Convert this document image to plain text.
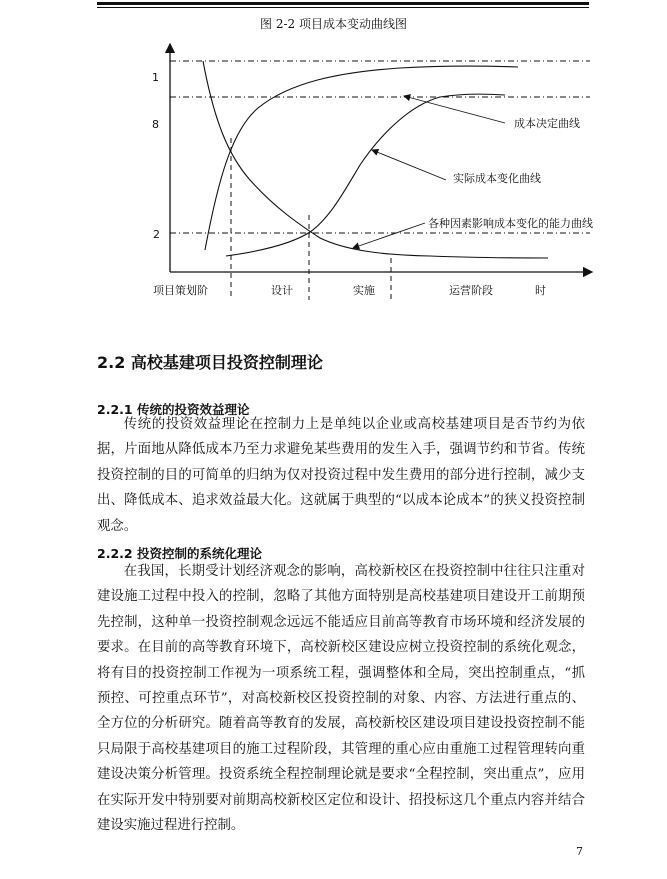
图 2-2 项目成本变动曲线图
1
8
2
项目策划阶	设计	实施	运营阶段	时
成本决定曲线
实际成本变化曲线
各种因素影响成本变化的能力曲线
2.2 高校基建项目投资控制理论
2.2.1 传统的投资效益理论

传统的投资效益理论在控制力上是单纯以企业或高校基建项目是否节约为依据，片面地从降低成本乃至力求避免某些费用的发生入手，强调节约和节省。传统投资控制的目的可简单的归纳为仅对投资过程中发生费用的部分进行控制，减少支出、降低成本、追求效益最大化。这就属于典型的“以成本论成本”的狭义投资控制观念。

2.2.2 投资控制的系统化理论

在我国，长期受计划经济观念的影响，高校新校区在投资控制中往往只注重对建设施工过程中投入的控制，忽略了其他方面特别是高校基建项目建设开工前期预先控制，这种单一投资控制观念远远不能适应目前高等教育市场环境和经济发展的要求。在目前的高等教育环境下，高校新校区建设应树立投资控制的系统化观念，将有目的投资控制工作视为一项系统工程，强调整体和全局，突出控制重点，“抓预控、可控重点环节”，对高校新校区投资控制的对象、内容、方法进行重点的、全方位的分析研究。随着高等教育的发展，高校新校区建设项目建设投资控制不能只局限于高校基建项目的施工过程阶段，其管理的重心应由重施工过程管理转向重建设决策分析管理。投资系统全程控制理论就是要求“全程控制，突出重点”，应用在实际开发中特别要对前期高校新校区定位和设计、招投标这几个重点内容并结合建设实施过程进行控制。

7
